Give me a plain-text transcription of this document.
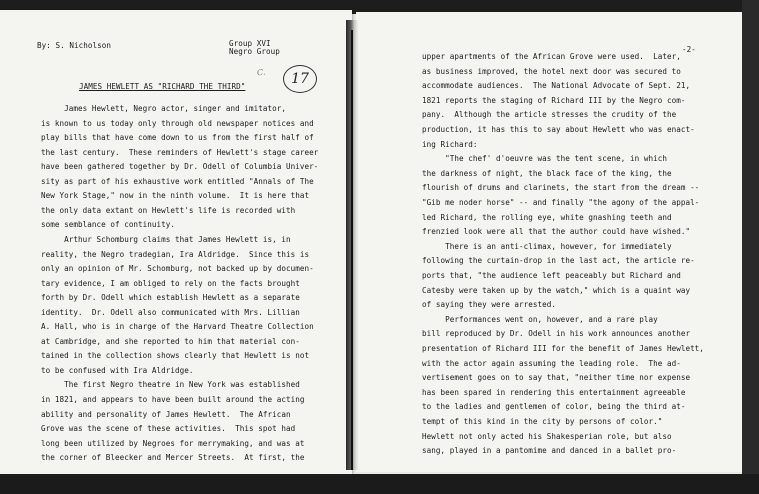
By: S. Nicholson	Group XVI
Negro Group
C.	17
JAMES HEWLETT AS "RICHARD THE THIRD"
James Hewlett, Negro actor, singer and imitator,
is known to us today only through old newspaper notices and
play bills that have come down to us from the first half of
the last century.  These reminders of Hewlett's stage career
have been gathered together by Dr. Odell of Columbia Univer-
sity as part of his exhaustive work entitled "Annals of The
New York Stage," now in the ninth volume.  It is here that
the only data extant on Hewlett's life is recorded with
some semblance of continuity.
Arthur Schomburg claims that James Hewlett is, in
reality, the Negro tradegian, Ira Aldridge.  Since this is
only an opinion of Mr. Schomburg, not backed up by documen-
tary evidence, I am obliged to rely on the facts brought
forth by Dr. Odell which establish Hewlett as a separate
identity.  Dr. Odell also communicated with Mrs. Lillian
A. Hall, who is in charge of the Harvard Theatre Collection
at Cambridge, and she reported to him that material con-
tained in the collection shows clearly that Hewlett is not
to be confused with Ira Aldridge.
The first Negro theatre in New York was established
in 1821, and appears to have been built around the acting
ability and personality of James Hewlett.  The African
Grove was the scene of these activities.  This spot had
long been utilized by Negroes for merrymaking, and was at
the corner of Bleecker and Mercer Streets.  At first, the
-2-
upper apartments of the African Grove were used.  Later,
as business improved, the hotel next door was secured to
accommodate audiences.  The National Advocate of Sept. 21,
1821 reports the staging of Richard III by the Negro com-
pany.  Although the article stresses the crudity of the
production, it has this to say about Hewlett who was enact-
ing Richard:
"The chef' d'oeuvre was the tent scene, in which
the darkness of night, the black face of the king, the
flourish of drums and clarinets, the start from the dream --
"Gib me noder horse" -- and finally "the agony of the appal-
led Richard, the rolling eye, white gnashing teeth and
frenzied look were all that the author could have wished."
There is an anti-climax, however, for immediately
following the curtain-drop in the last act, the article re-
ports that, "the audience left peaceably but Richard and
Catesby were taken up by the watch," which is a quaint way
of saying they were arrested.
Performances went on, however, and a rare play
bill reproduced by Dr. Odell in his work announces another
presentation of Richard III for the benefit of James Hewlett,
with the actor again assuming the leading role.  The ad-
vertisement goes on to say that, "neither time nor expense
has been spared in rendering this entertainment agreeable
to the ladies and gentlemen of color, being the third at-
tempt of this kind in the city by persons of color."
Hewlett not only acted his Shakesperian role, but also
sang, played in a pantomime and danced in a ballet pro-
